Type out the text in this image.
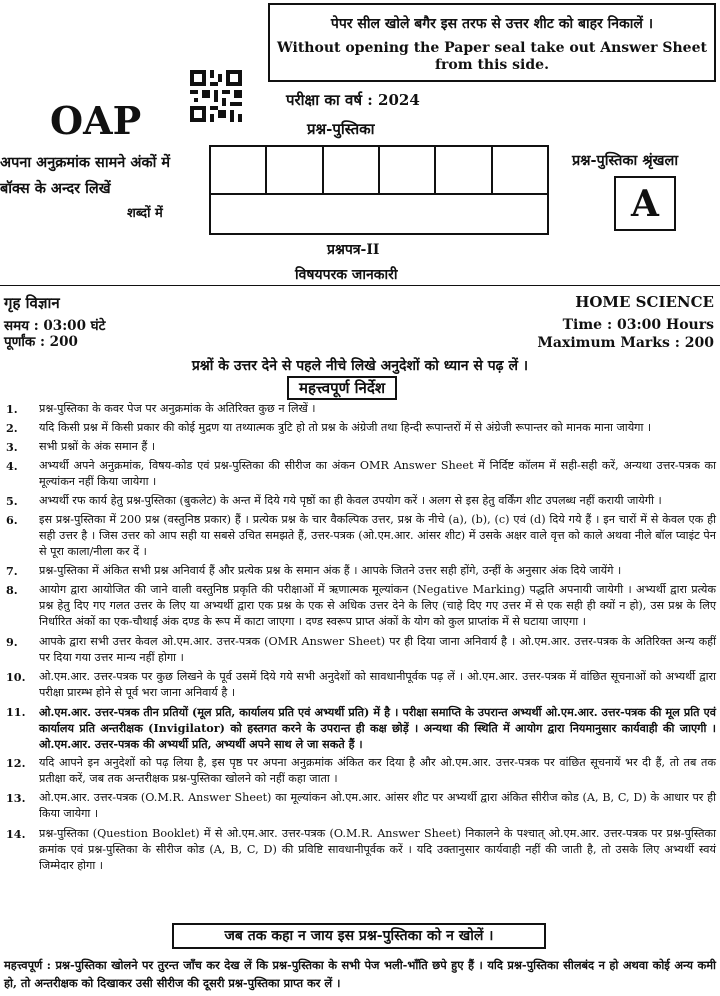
पेपर सील खोले बगैर इस तरफ से उत्तर शीट को बाहर निकालें ।
Without opening the Paper seal take out Answer Sheet
from this side.
OAP	परीक्षा का वर्ष : 2024
प्रश्न-पुस्तिका
अपना अनुक्रमांक सामने अंकों में
बॉक्स के अन्दर लिखें
शब्दों में
प्रश्न-पुस्तिका श्रृंखला
A
प्रश्नपत्र-II
विषयपरक जानकारी
गृह विज्ञान	HOME SCIENCE
समय : 03:00 घंटे
पूर्णांक : 200
Time : 03:00 Hours
Maximum Marks : 200
प्रश्नों के उत्तर देने से पहले नीचे लिखे अनुदेशों को ध्यान से पढ़ लें ।
महत्त्वपूर्ण निर्देश
1.	प्रश्न-पुस्तिका के कवर पेज पर अनुक्रमांक के अतिरिक्त कुछ न लिखें ।
2.	यदि किसी प्रश्न में किसी प्रकार की कोई मुद्रण या तथ्यात्मक त्रुटि हो तो प्रश्न के अंग्रेजी तथा हिन्दी रूपान्तरों में से अंग्रेजी रूपान्तर को मानक माना जायेगा ।
3.	सभी प्रश्नों के अंक समान हैं ।
4.	अभ्यर्थी अपने अनुक्रमांक, विषय-कोड एवं प्रश्न-पुस्तिका की सीरीज का अंकन OMR Answer Sheet में निर्दिष्ट कॉलम में सही-सही करें, अन्यथा उत्तर-पत्रक का मूल्यांकन नहीं किया जायेगा ।
5.	अभ्यर्थी रफ कार्य हेतु प्रश्न-पुस्तिका (बुकलेट) के अन्त में दिये गये पृष्ठों का ही केवल उपयोग करें । अलग से इस हेतु वर्किंग शीट उपलब्ध नहीं करायी जायेगी ।
6.	इस प्रश्न-पुस्तिका में 200 प्रश्न (वस्तुनिष्ठ प्रकार) हैं । प्रत्येक प्रश्न के चार वैकल्पिक उत्तर, प्रश्न के नीचे (a), (b), (c) एवं (d) दिये गये हैं । इन चारों में से केवल एक ही सही उत्तर है । जिस उत्तर को आप सही या सबसे उचित समझते हैं, उत्तर-पत्रक (ओ.एम.आर. आंसर शीट) में उसके अक्षर वाले वृत्त को काले अथवा नीले बॉल प्वाइंट पेन से पूरा काला/नीला कर दें ।
7.	प्रश्न-पुस्तिका में अंकित सभी प्रश्न अनिवार्य हैं और प्रत्येक प्रश्न के समान अंक हैं । आपके जितने उत्तर सही होंगे, उन्हीं के अनुसार अंक दिये जायेंगे ।
8.	आयोग द्वारा आयोजित की जाने वाली वस्तुनिष्ठ प्रकृति की परीक्षाओं में ऋणात्मक मूल्यांकन (Negative Marking) पद्धति अपनायी जायेगी । अभ्यर्थी द्वारा प्रत्येक प्रश्न हेतु दिए गए गलत उत्तर के लिए या अभ्यर्थी द्वारा एक प्रश्न के एक से अधिक उत्तर देने के लिए (चाहे दिए गए उत्तर में से एक सही ही क्यों न हो), उस प्रश्न के लिए निर्धारित अंकों का एक-चौथाई अंक दण्ड के रूप में काटा जाएगा । दण्ड स्वरूप प्राप्त अंकों के योग को कुल प्राप्तांक में से घटाया जाएगा ।
9.	आपके द्वारा सभी उत्तर केवल ओ.एम.आर. उत्तर-पत्रक (OMR Answer Sheet) पर ही दिया जाना अनिवार्य है । ओ.एम.आर. उत्तर-पत्रक के अतिरिक्त अन्य कहीं पर दिया गया उत्तर मान्य नहीं होगा ।
10.	ओ.एम.आर. उत्तर-पत्रक पर कुछ लिखने के पूर्व उसमें दिये गये सभी अनुदेशों को सावधानीपूर्वक पढ़ लें । ओ.एम.आर. उत्तर-पत्रक में वांछित सूचनाओं को अभ्यर्थी द्वारा परीक्षा प्रारम्भ होने से पूर्व भरा जाना अनिवार्य है ।
11.	ओ.एम.आर. उत्तर-पत्रक तीन प्रतियों (मूल प्रति, कार्यालय प्रति एवं अभ्यर्थी प्रति) में है । परीक्षा समाप्ति के उपरान्त अभ्यर्थी ओ.एम.आर. उत्तर-पत्रक की मूल प्रति एवं कार्यालय प्रति अन्तरीक्षक (Invigilator) को हस्तगत करने के उपरान्त ही कक्ष छोड़ें । अन्यथा की स्थिति में आयोग द्वारा नियमानुसार कार्यवाही की जाएगी । ओ.एम.आर. उत्तर-पत्रक की अभ्यर्थी प्रति, अभ्यर्थी अपने साथ ले जा सकते हैं ।
12.	यदि आपने इन अनुदेशों को पढ़ लिया है, इस पृष्ठ पर अपना अनुक्रमांक अंकित कर दिया है और ओ.एम.आर. उत्तर-पत्रक पर वांछित सूचनायें भर दी हैं, तो तब तक प्रतीक्षा करें, जब तक अन्तरीक्षक प्रश्न-पुस्तिका खोलने को नहीं कहा जाता ।
13.	ओ.एम.आर. उत्तर-पत्रक (O.M.R. Answer Sheet) का मूल्यांकन ओ.एम.आर. आंसर शीट पर अभ्यर्थी द्वारा अंकित सीरीज कोड (A, B, C, D) के आधार पर ही किया जायेगा ।
14.	प्रश्न-पुस्तिका (Question Booklet) में से ओ.एम.आर. उत्तर-पत्रक (O.M.R. Answer Sheet) निकालने के पश्चात् ओ.एम.आर. उत्तर-पत्रक पर प्रश्न-पुस्तिका क्रमांक एवं प्रश्न-पुस्तिका के सीरीज कोड (A, B, C, D) की प्रविष्टि सावधानीपूर्वक करें । यदि उक्तानुसार कार्यवाही नहीं की जाती है, तो उसके लिए अभ्यर्थी स्वयं जिम्मेदार होगा ।
जब तक कहा न जाय इस प्रश्न-पुस्तिका को न खोलें ।
महत्त्वपूर्ण : प्रश्न-पुस्तिका खोलने पर तुरन्त जाँच कर देख लें कि प्रश्न-पुस्तिका के सभी पेज भली-भाँति छपे हुए हैं । यदि प्रश्न-पुस्तिका सीलबंद न हो अथवा कोई अन्य कमी हो, तो अन्तरीक्षक को दिखाकर उसी सीरीज की दूसरी प्रश्न-पुस्तिका प्राप्त कर लें ।
